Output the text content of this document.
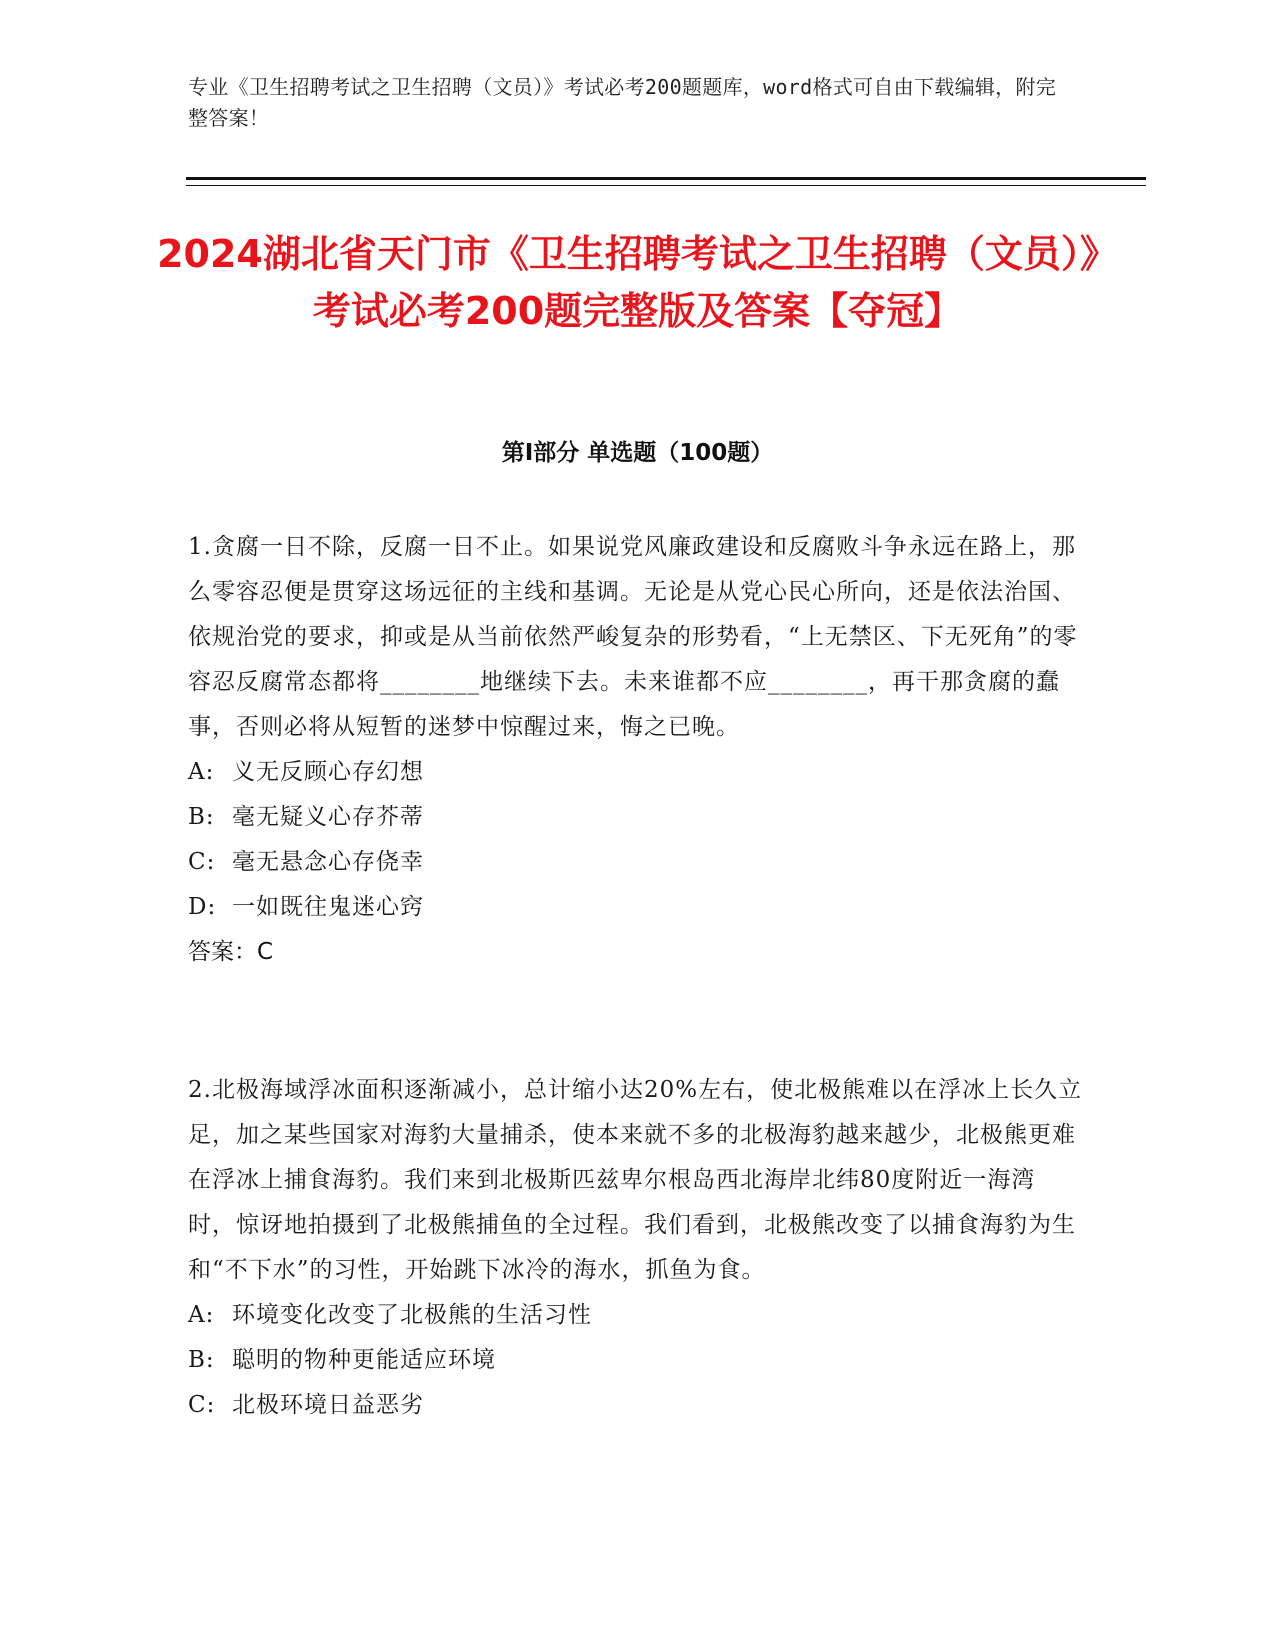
专业《卫生招聘考试之卫生招聘（文员）》考试必考200题题库，word格式可自由下载编辑，附完整答案！
2024湖北省天门市《卫生招聘考试之卫生招聘（文员）》考试必考200题完整版及答案【夺冠】
第I部分 单选题（100题）

1.贪腐一日不除，反腐一日不止。如果说党风廉政建设和反腐败斗争永远在路上，那么零容忍便是贯穿这场远征的主线和基调。无论是从党心民心所向，还是依法治国、依规治党的要求，抑或是从当前依然严峻复杂的形势看，“上无禁区、下无死角”的零容忍反腐常态都将________地继续下去。未来谁都不应________，再干那贪腐的蠢事，否则必将从短暂的迷梦中惊醒过来，悔之已晚。

A: 义无反顾心存幻想

B: 毫无疑义心存芥蒂

C: 毫无悬念心存侥幸

D: 一如既往鬼迷心窍

答案：C

2.北极海域浮冰面积逐渐减小，总计缩小达20%左右，使北极熊难以在浮冰上长久立足，加之某些国家对海豹大量捕杀，使本来就不多的北极海豹越来越少，北极熊更难在浮冰上捕食海豹。我们来到北极斯匹兹卑尔根岛西北海岸北纬80度附近一海湾时，惊讶地拍摄到了北极熊捕鱼的全过程。我们看到，北极熊改变了以捕食海豹为生和“不下水”的习性，开始跳下冰冷的海水，抓鱼为食。

A: 环境变化改变了北极熊的生活习性

B: 聪明的物种更能适应环境

C: 北极环境日益恶劣
